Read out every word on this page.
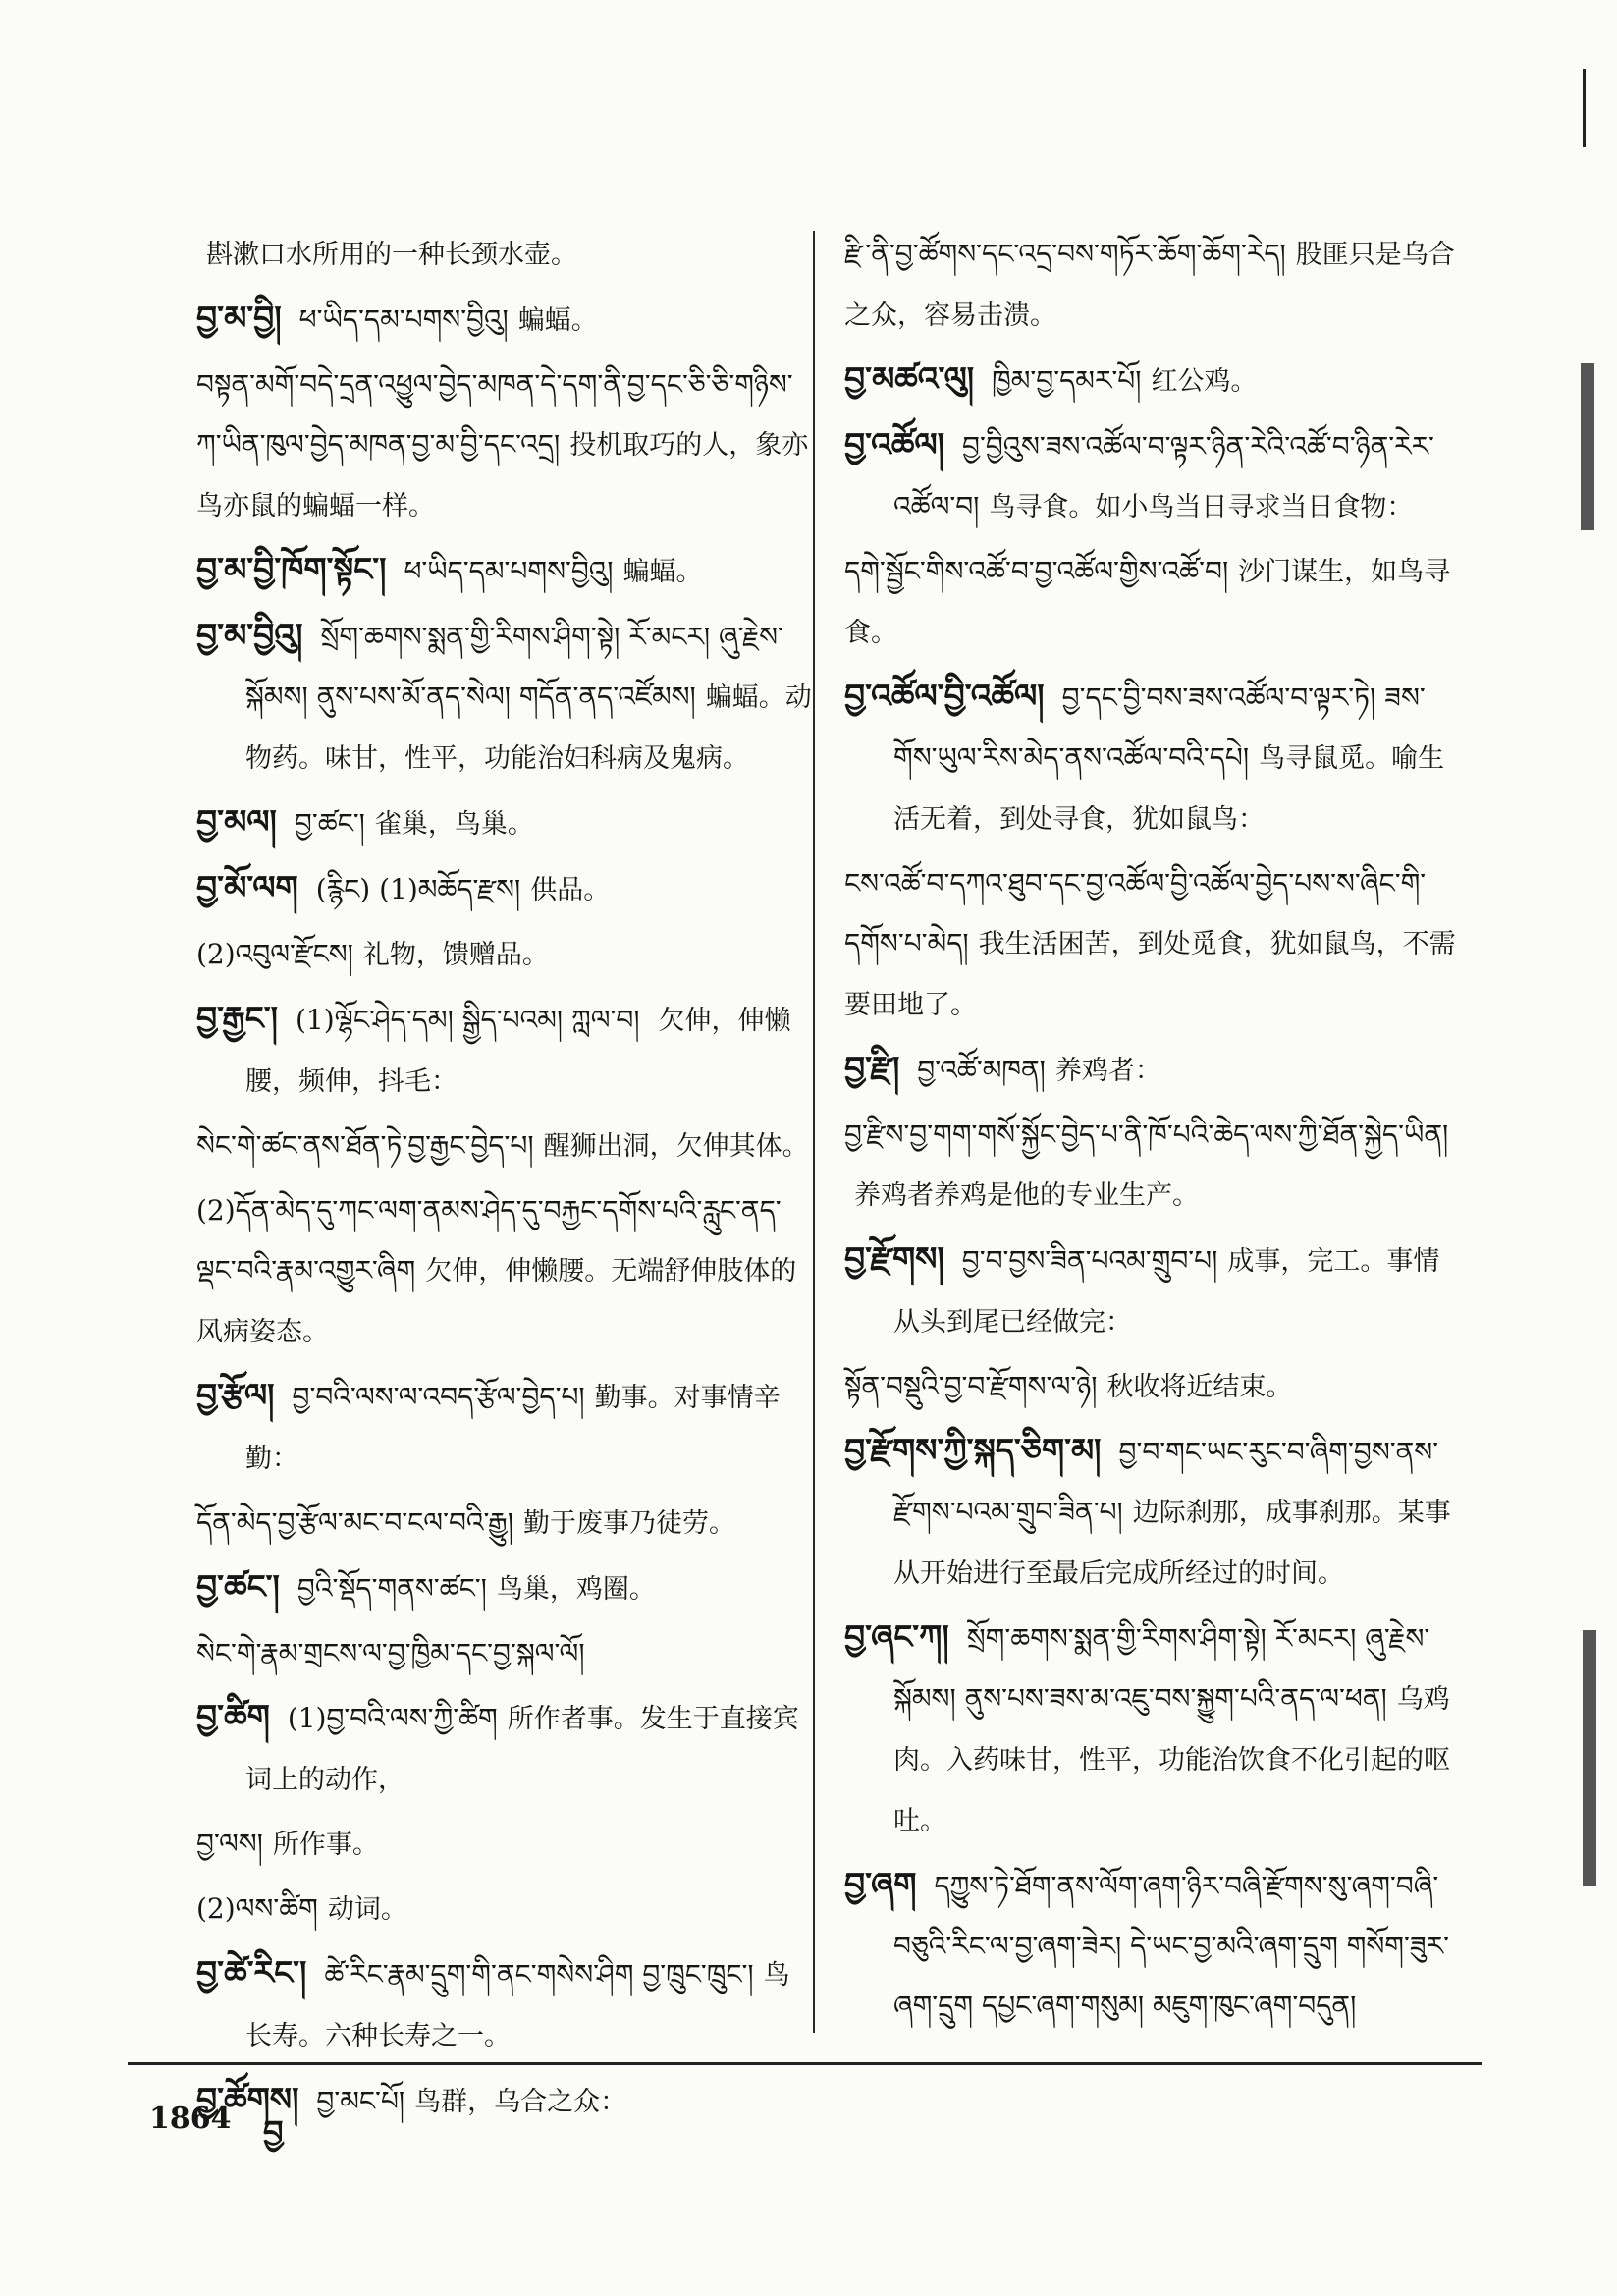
斟漱口水所用的一种长颈水壶。

བྱ་མ་བྱི། ཕ་ཡིད་དམ་པགས་བྱིའུ། 蝙蝠。

བསྟན་མགོ་བདེ་དྲན་འཕྱུལ་བྱེད་མཁན་དེ་དག་ནི་བྱ་དང་ཅི་ཅི་གཉིས་ཀ་ཡིན་ཁུལ་བྱེད་མཁན་བྱ་མ་བྱི་དང་འདྲ། 投机取巧的人，象亦鸟亦鼠的蝙蝠一样。

བྱ་མ་བྱི་ཁོག་སྟོང་། ཕ་ཡིད་དམ་པགས་བྱིའུ། 蝙蝠。

བྱ་མ་བྱིའུ། སྲོག་ཆགས་སྨན་གྱི་རིགས་ཤིག་སྟེ། རོ་མངར། ཞུ་རྗེས་སྐོམས། ནུས་པས་མོ་ནད་སེལ། གདོན་ནད་འཛོམས། 蝙蝠。动物药。味甘，性平，功能治妇科病及鬼病。

བྱ་མལ། བྱ་ཚང་། 雀巢，鸟巢。

བྱ་མོ་ལག (རྙིང) (1)མཆོད་རྫས། 供品。

(2)འབུལ་རྫོངས། 礼物，馈赠品。

བྱ་རྒྱང་། (1)ལྷོང་ཤེད་དམ། སྒྱིད་པའམ། ཀླལ་བ། 欠伸，伸懒腰，频伸，抖毛：

སེང་གེ་ཚང་ནས་ཐོན་ཏེ་བྱ་རྒྱང་བྱེད་པ། 醒狮出洞，欠伸其体。

(2)དོན་མེད་དུ་ཀང་ལག་ནམས་ཤེད་དུ་བརྐྱང་དགོས་པའི་རླུང་ནད་ལྡང་བའི་རྣམ་འགྱུར་ཞིག 欠伸，伸懒腰。无端舒伸肢体的风病姿态。

བྱ་རྩོལ། བྱ་བའི་ལས་ལ་འབད་རྩོལ་བྱེད་པ། 勤事。对事情辛勤：

དོན་མེད་བྱ་རྩོལ་མང་བ་ངལ་བའི་རྒྱུ། 勤于废事乃徒劳。

བྱ་ཚང་། བྱའི་སྡོད་གནས་ཚང་། 鸟巢，鸡圈。

སེང་གེ་རྣམ་གྲངས་ལ་བྱ་ཁྱིམ་དང་བྱ་སྐལ་ལོ།

བྱ་ཚིག (1)བྱ་བའི་ལས་ཀྱི་ཚིག 所作者事。发生于直接宾词上的动作，

བྱ་ལས། 所作事。

(2)ལས་ཚིག 动词。

བྱ་ཚེ་རིང་། ཚེ་རིང་རྣམ་དྲུག་གི་ནང་གསེས་ཤིག བྱ་ཁྲུང་ཁྲུང་། 鸟长寿。六种长寿之一。

བྱ་ཚོགས། བྱ་མང་པོ། 鸟群，乌合之众：

རྫི་ནི་བྱ་ཚོགས་དང་འདྲ་བས་གཏོར་ཆོག་ཆོག་རེད། 股匪只是乌合之众，容易击溃。

བྱ་མཚའ་ལུ། ཁྱིམ་བྱ་དམར་པོ། 红公鸡。

བྱ་འཚོལ། བྱ་བྱིའུས་ཟས་འཚོལ་བ་ལྟར་ཉིན་རེའི་འཚོ་བ་ཉིན་རེར་འཚོལ་བ། 鸟寻食。如小鸟当日寻求当日食物：

དགེ་སྦྱོང་གིས་འཚོ་བ་བྱ་འཚོལ་གྱིས་འཚོ་བ། 沙门谋生，如鸟寻食。

བྱ་འཚོལ་བྱི་འཚོལ། བྱ་དང་བྱི་བས་ཟས་འཚོལ་བ་ལྟར་ཏེ། ཟས་གོས་ཡུལ་རིས་མེད་ནས་འཚོལ་བའི་དཔེ། 鸟寻鼠觅。喻生活无着，到处寻食，犹如鼠鸟：

ངས་འཚོ་བ་དཀའ་ཐུབ་དང་བྱ་འཚོལ་བྱི་འཚོལ་བྱེད་པས་ས་ཞིང་གི་དགོས་པ་མེད། 我生活困苦，到处觅食，犹如鼠鸟，不需要田地了。

བྱ་རྫི། བྱ་འཚོ་མཁན། 养鸡者：

བྱ་རྫིས་བྱ་གག་གསོ་སྐྱོང་བྱེད་པ་ནི་ཁོ་པའི་ཆེད་ལས་ཀྱི་ཐོན་སྐྱེད་ཡིན།养鸡者养鸡是他的专业生产。

བྱ་རྫོགས། བྱ་བ་བྱས་ཟིན་པའམ་གྲུབ་པ། 成事，完工。事情从头到尾已经做完：

སྟོན་བསྡུའི་བྱ་བ་རྫོགས་ལ་ཉེ། 秋收将近结束。

བྱ་རྫོགས་ཀྱི་སྐད་ཅིག་མ། བྱ་བ་གང་ཡང་རུང་བ་ཞིག་བྱས་ནས་རྫོགས་པའམ་གྲུབ་ཟིན་པ། 边际刹那，成事刹那。某事从开始进行至最后完成所经过的时间。

བྱ་ཞང་ཀ། སྲོག་ཆགས་སྨན་གྱི་རིགས་ཤིག་སྟེ། རོ་མངར། ཞུ་རྗེས་སྐོམས། ནུས་པས་ཟས་མ་འཇུ་བས་སྐྱུག་པའི་ནད་ལ་ཕན། 乌鸡肉。入药味甘，性平，功能治饮食不化引起的呕吐。

བྱ་ཞག དཀྱུས་ཏེ་ཐོག་ནས་ལོག་ཞག་ཉིར་བཞི་རྫོགས་སུ་ཞག་བཞི་བཅུའི་རིང་ལ་བྱ་ཞག་ཟེར། དེ་ཡང་བྱ་མའི་ཞག་དྲུག གསོག་ཟུར་ཞག་དྲུག དཔྱང་ཞག་གསུམ། མཇུག་ཁུང་ཞག་བདུན།

1864 བྱ
